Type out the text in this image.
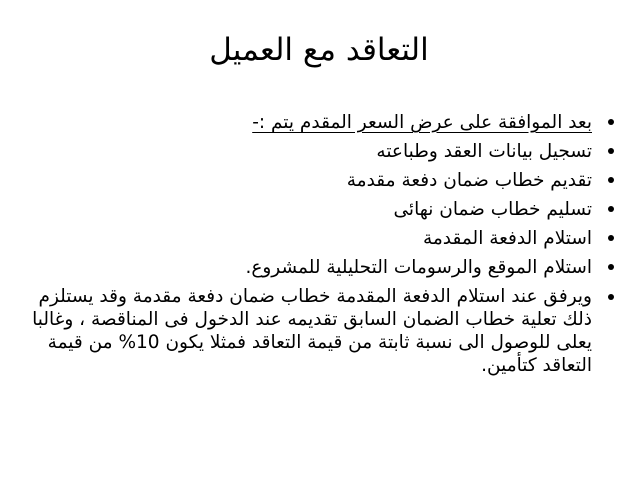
التعاقد مع العميل
بعد الموافقة على عرض السعر المقدم يتم :-
تسجيل بيانات العقد وطباعته
تقديم خطاب ضمان دفعة مقدمة
تسليم خطاب ضمان نهائى
استلام الدفعة المقدمة
استلام الموقع والرسومات التحليلية للمشروع.
ويرفق عند استلام الدفعة المقدمة خطاب ضمان دفعة مقدمة وقد يستلزم ذلك تعلية خطاب الضمان السابق تقديمه عند الدخول فى المناقصة ، وغالبا يعلى للوصول الى نسبة ثابتة من قيمة التعاقد فمثلا يكون 10% من قيمة التعاقد كتأمين.
